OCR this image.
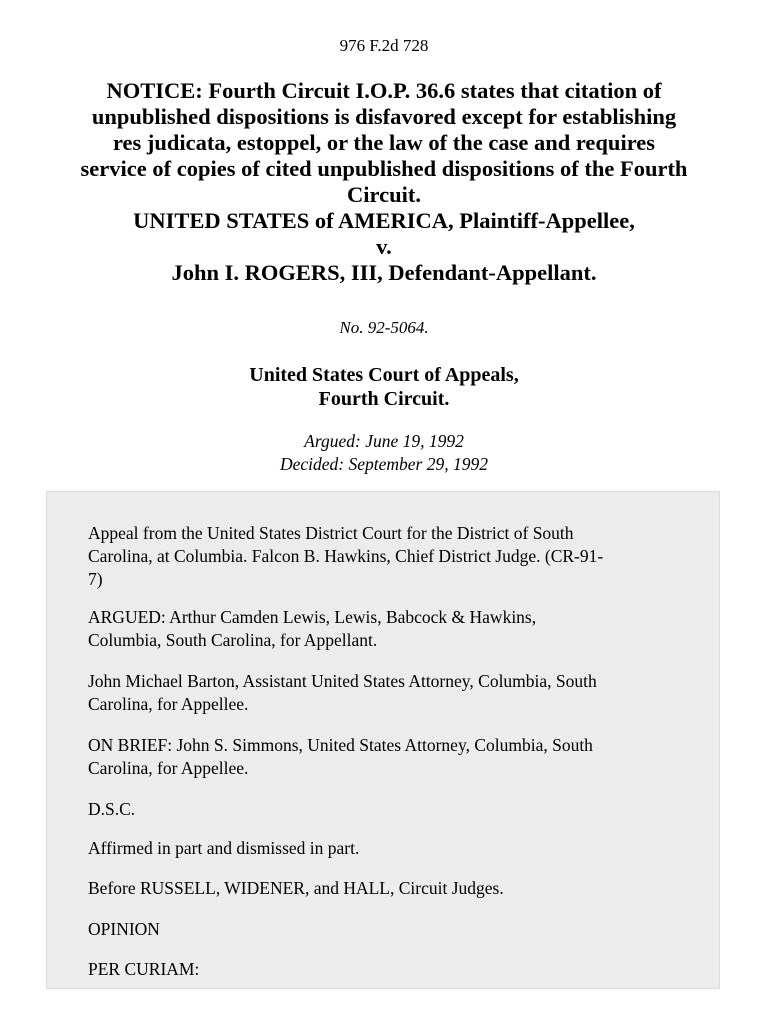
976 F.2d 728
NOTICE: Fourth Circuit I.O.P. 36.6 states that citation of
unpublished dispositions is disfavored except for establishing
res judicata, estoppel, or the law of the case and requires
service of copies of cited unpublished dispositions of the Fourth
Circuit.
UNITED STATES of AMERICA, Plaintiff-Appellee,
v.
John I. ROGERS, III, Defendant-Appellant.
No. 92-5064.
United States Court of Appeals,
Fourth Circuit.
Argued: June 19, 1992
Decided: September 29, 1992
Appeal from the United States District Court for the District of South
Carolina, at Columbia. Falcon B. Hawkins, Chief District Judge. (CR-91-
7)
ARGUED: Arthur Camden Lewis, Lewis, Babcock & Hawkins,
Columbia, South Carolina, for Appellant.
John Michael Barton, Assistant United States Attorney, Columbia, South
Carolina, for Appellee.
ON BRIEF: John S. Simmons, United States Attorney, Columbia, South
Carolina, for Appellee.
D.S.C.
Affirmed in part and dismissed in part.
Before RUSSELL, WIDENER, and HALL, Circuit Judges.
OPINION
PER CURIAM:
